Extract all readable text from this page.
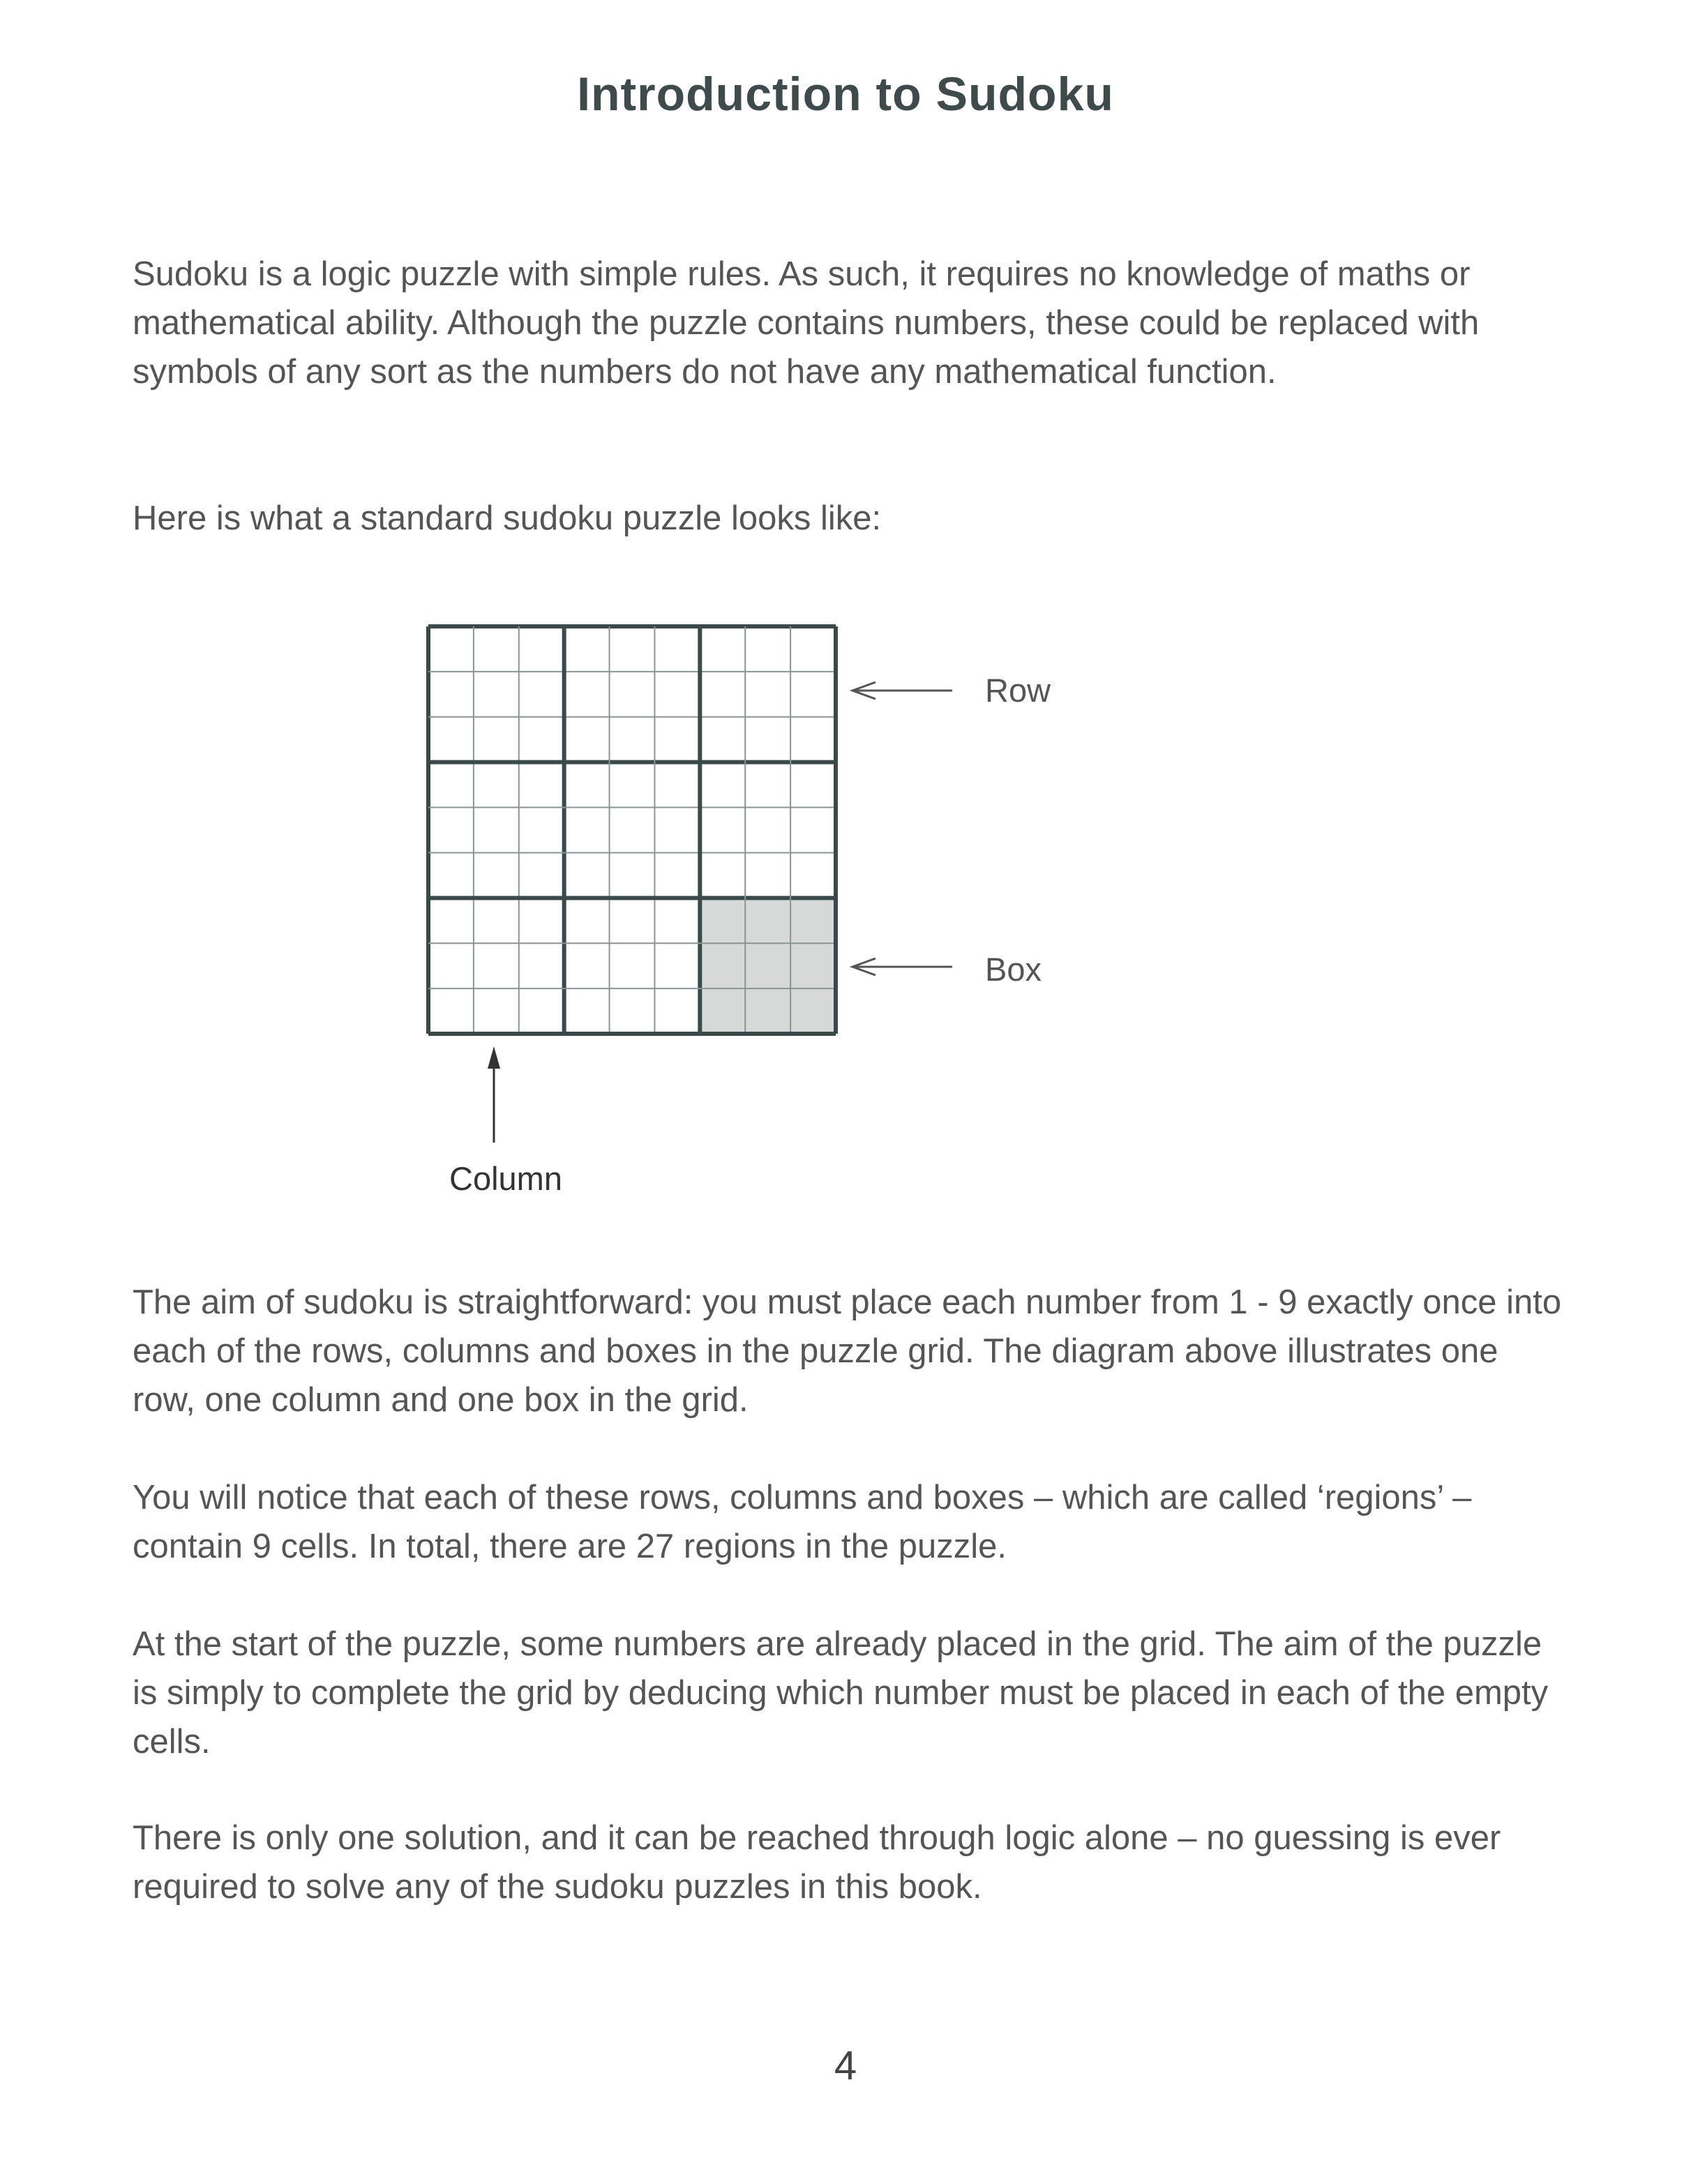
Introduction to Sudoku

Sudoku is a logic puzzle with simple rules. As such, it requires no knowledge of maths or mathematical ability. Although the puzzle contains numbers, these could be replaced with symbols of any sort as the numbers do not have any mathematical function.

Here is what a standard sudoku puzzle looks like:

Row
Box
Column

The aim of sudoku is straightforward: you must place each number from 1 - 9 exactly once into each of the rows, columns and boxes in the puzzle grid. The diagram above illustrates one row, one column and one box in the grid.

You will notice that each of these rows, columns and boxes – which are called ‘regions’ – contain 9 cells. In total, there are 27 regions in the puzzle.

At the start of the puzzle, some numbers are already placed in the grid. The aim of the puzzle is simply to complete the grid by deducing which number must be placed in each of the empty cells.

There is only one solution, and it can be reached through logic alone – no guessing is ever required to solve any of the sudoku puzzles in this book.

4
